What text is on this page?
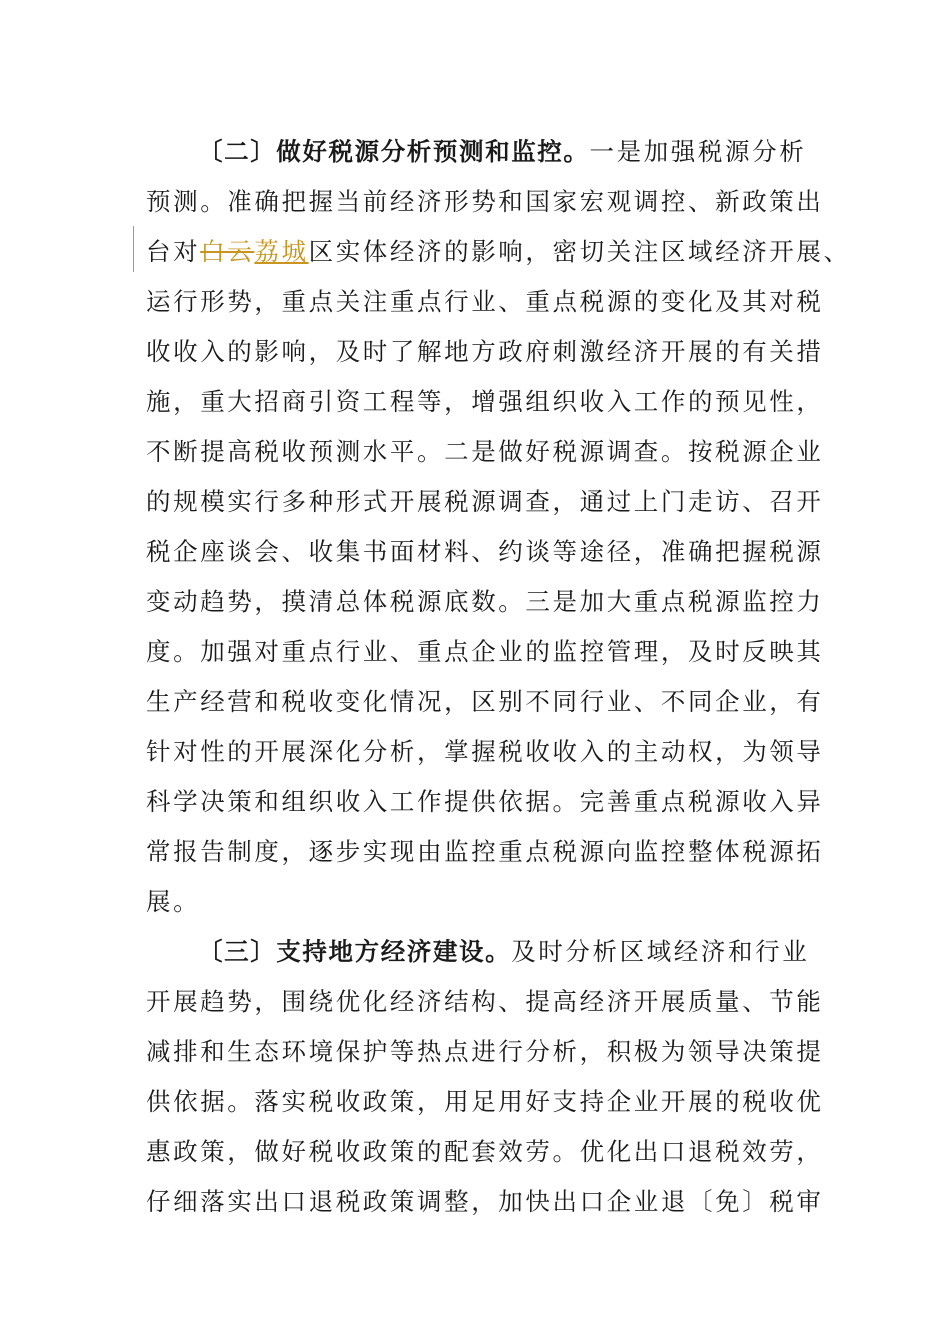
〔二〕做好税源分析预测和监控。一是加强税源分析
预测。准确把握当前经济形势和国家宏观调控、新政策出
台对白云荔城区实体经济的影响，密切关注区域经济开展、
运行形势，重点关注重点行业、重点税源的变化及其对税
收收入的影响，及时了解地方政府刺激经济开展的有关措
施，重大招商引资工程等，增强组织收入工作的预见性，
不断提高税收预测水平。二是做好税源调查。按税源企业
的规模实行多种形式开展税源调查，通过上门走访、召开
税企座谈会、收集书面材料、约谈等途径，准确把握税源
变动趋势，摸清总体税源底数。三是加大重点税源监控力
度。加强对重点行业、重点企业的监控管理，及时反映其
生产经营和税收变化情况，区别不同行业、不同企业，有
针对性的开展深化分析，掌握税收收入的主动权，为领导
科学决策和组织收入工作提供依据。完善重点税源收入异
常报告制度，逐步实现由监控重点税源向监控整体税源拓
展。
〔三〕支持地方经济建设。及时分析区域经济和行业
开展趋势，围绕优化经济结构、提高经济开展质量、节能
减排和生态环境保护等热点进行分析，积极为领导决策提
供依据。落实税收政策，用足用好支持企业开展的税收优
惠政策，做好税收政策的配套效劳。优化出口退税效劳，
仔细落实出口退税政策调整，加快出口企业退〔免〕税审
